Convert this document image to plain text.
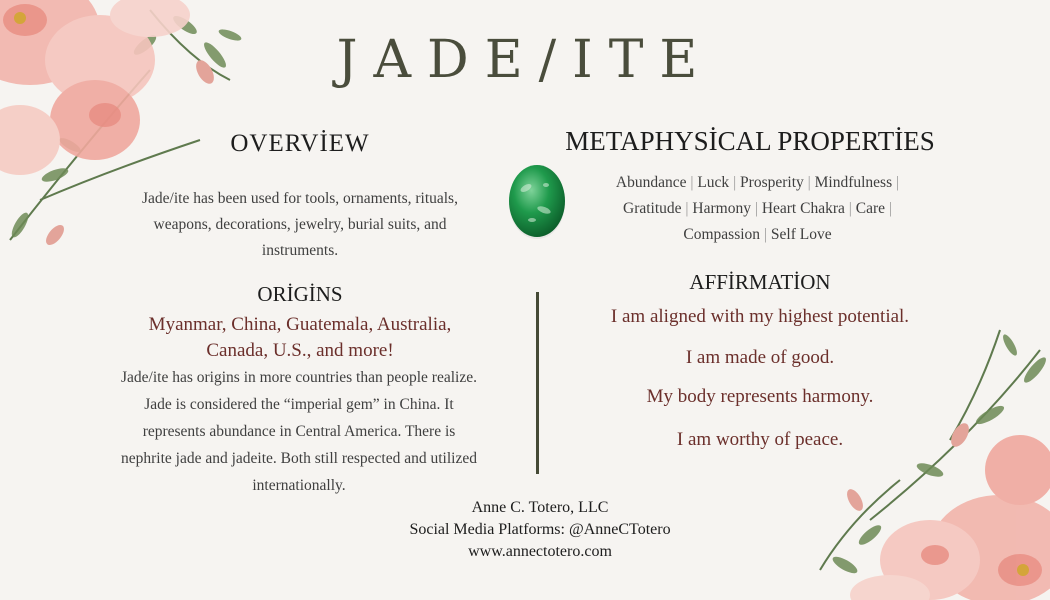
JADE/ITE
OVERVİEW
Jade/ite has been used for tools, ornaments, rituals, weapons, decorations, jewelry, burial suits, and instruments.
METAPHYSİCAL PROPERTİES
Abundance | Luck | Prosperity | Mindfulness | Gratitude | Harmony | Heart Chakra | Care | Compassion | Self Love
ORİGİNS
Myanmar, China, Guatemala, Australia, Canada, U.S., and more!
Jade/ite has origins in more countries than people realize. Jade is considered the “imperial gem” in China. It represents abundance in Central America. There is nephrite jade and jadeite. Both still respected and utilized internationally.
AFFİRMATİON
I am aligned with my highest potential.
I am made of good.
My body represents harmony.
I am worthy of peace.
Anne C. Totero, LLC
Social Media Platforms: @AnneCTotero
www.annectotero.com
